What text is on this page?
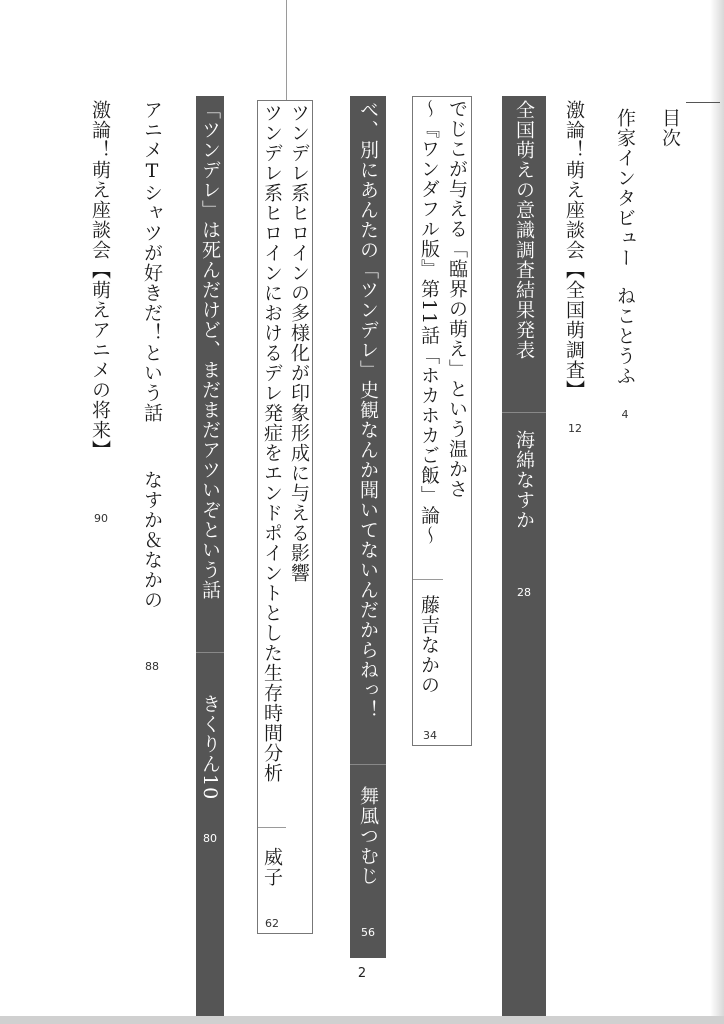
目次
作家インタビュー
ねことうふ
4
激論！萌え座談会【全国萌調査】
12
全国萌えの意識調査結果発表
海綿なすか
28
でじこが与える「臨界の萌え」という温かさ
〜『ワンダフル版』第11話「ホカホカご飯」論〜
藤吉なかの
34
べ、別にあんたの「ツンデレ」史観なんか聞いてないんだからねっ！
舞風つむじ
56
ツンデレ系ヒロインの多様化が印象形成に与える影響
ツンデレ系ヒロインにおけるデレ発症をエンドポイントとした生存時間分析
威子
62
「ツンデレ」は死んだけど、まだまだアツいぞという話
きくりん10
80
アニメTシャツが好きだ！という話
なすか＆なかの
88
激論！萌え座談会【萌えアニメの将来】
90
2
